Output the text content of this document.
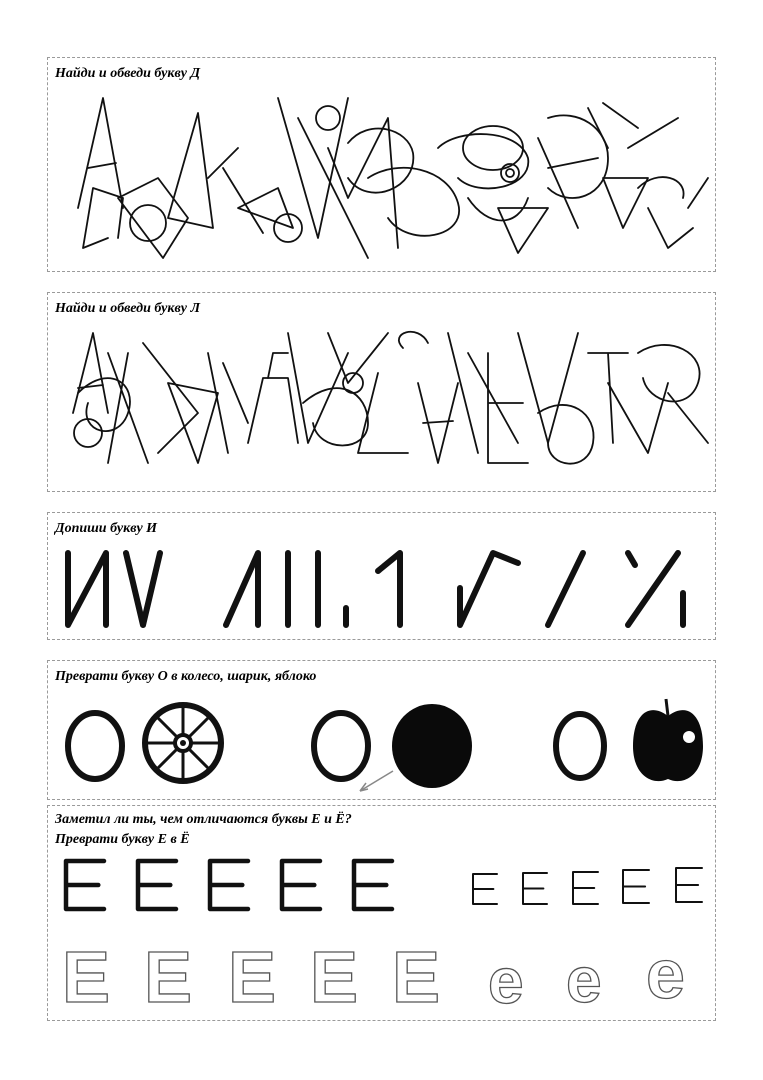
Найди и обведи букву Д
Найди и обведи букву Л
Допиши букву И
Преврати букву О в колесо, шарик, яблоко
Заметил ли ты, чем отличаются буквы Е и Ё?
Преврати букву Е в Ё
E E E E E e e e
